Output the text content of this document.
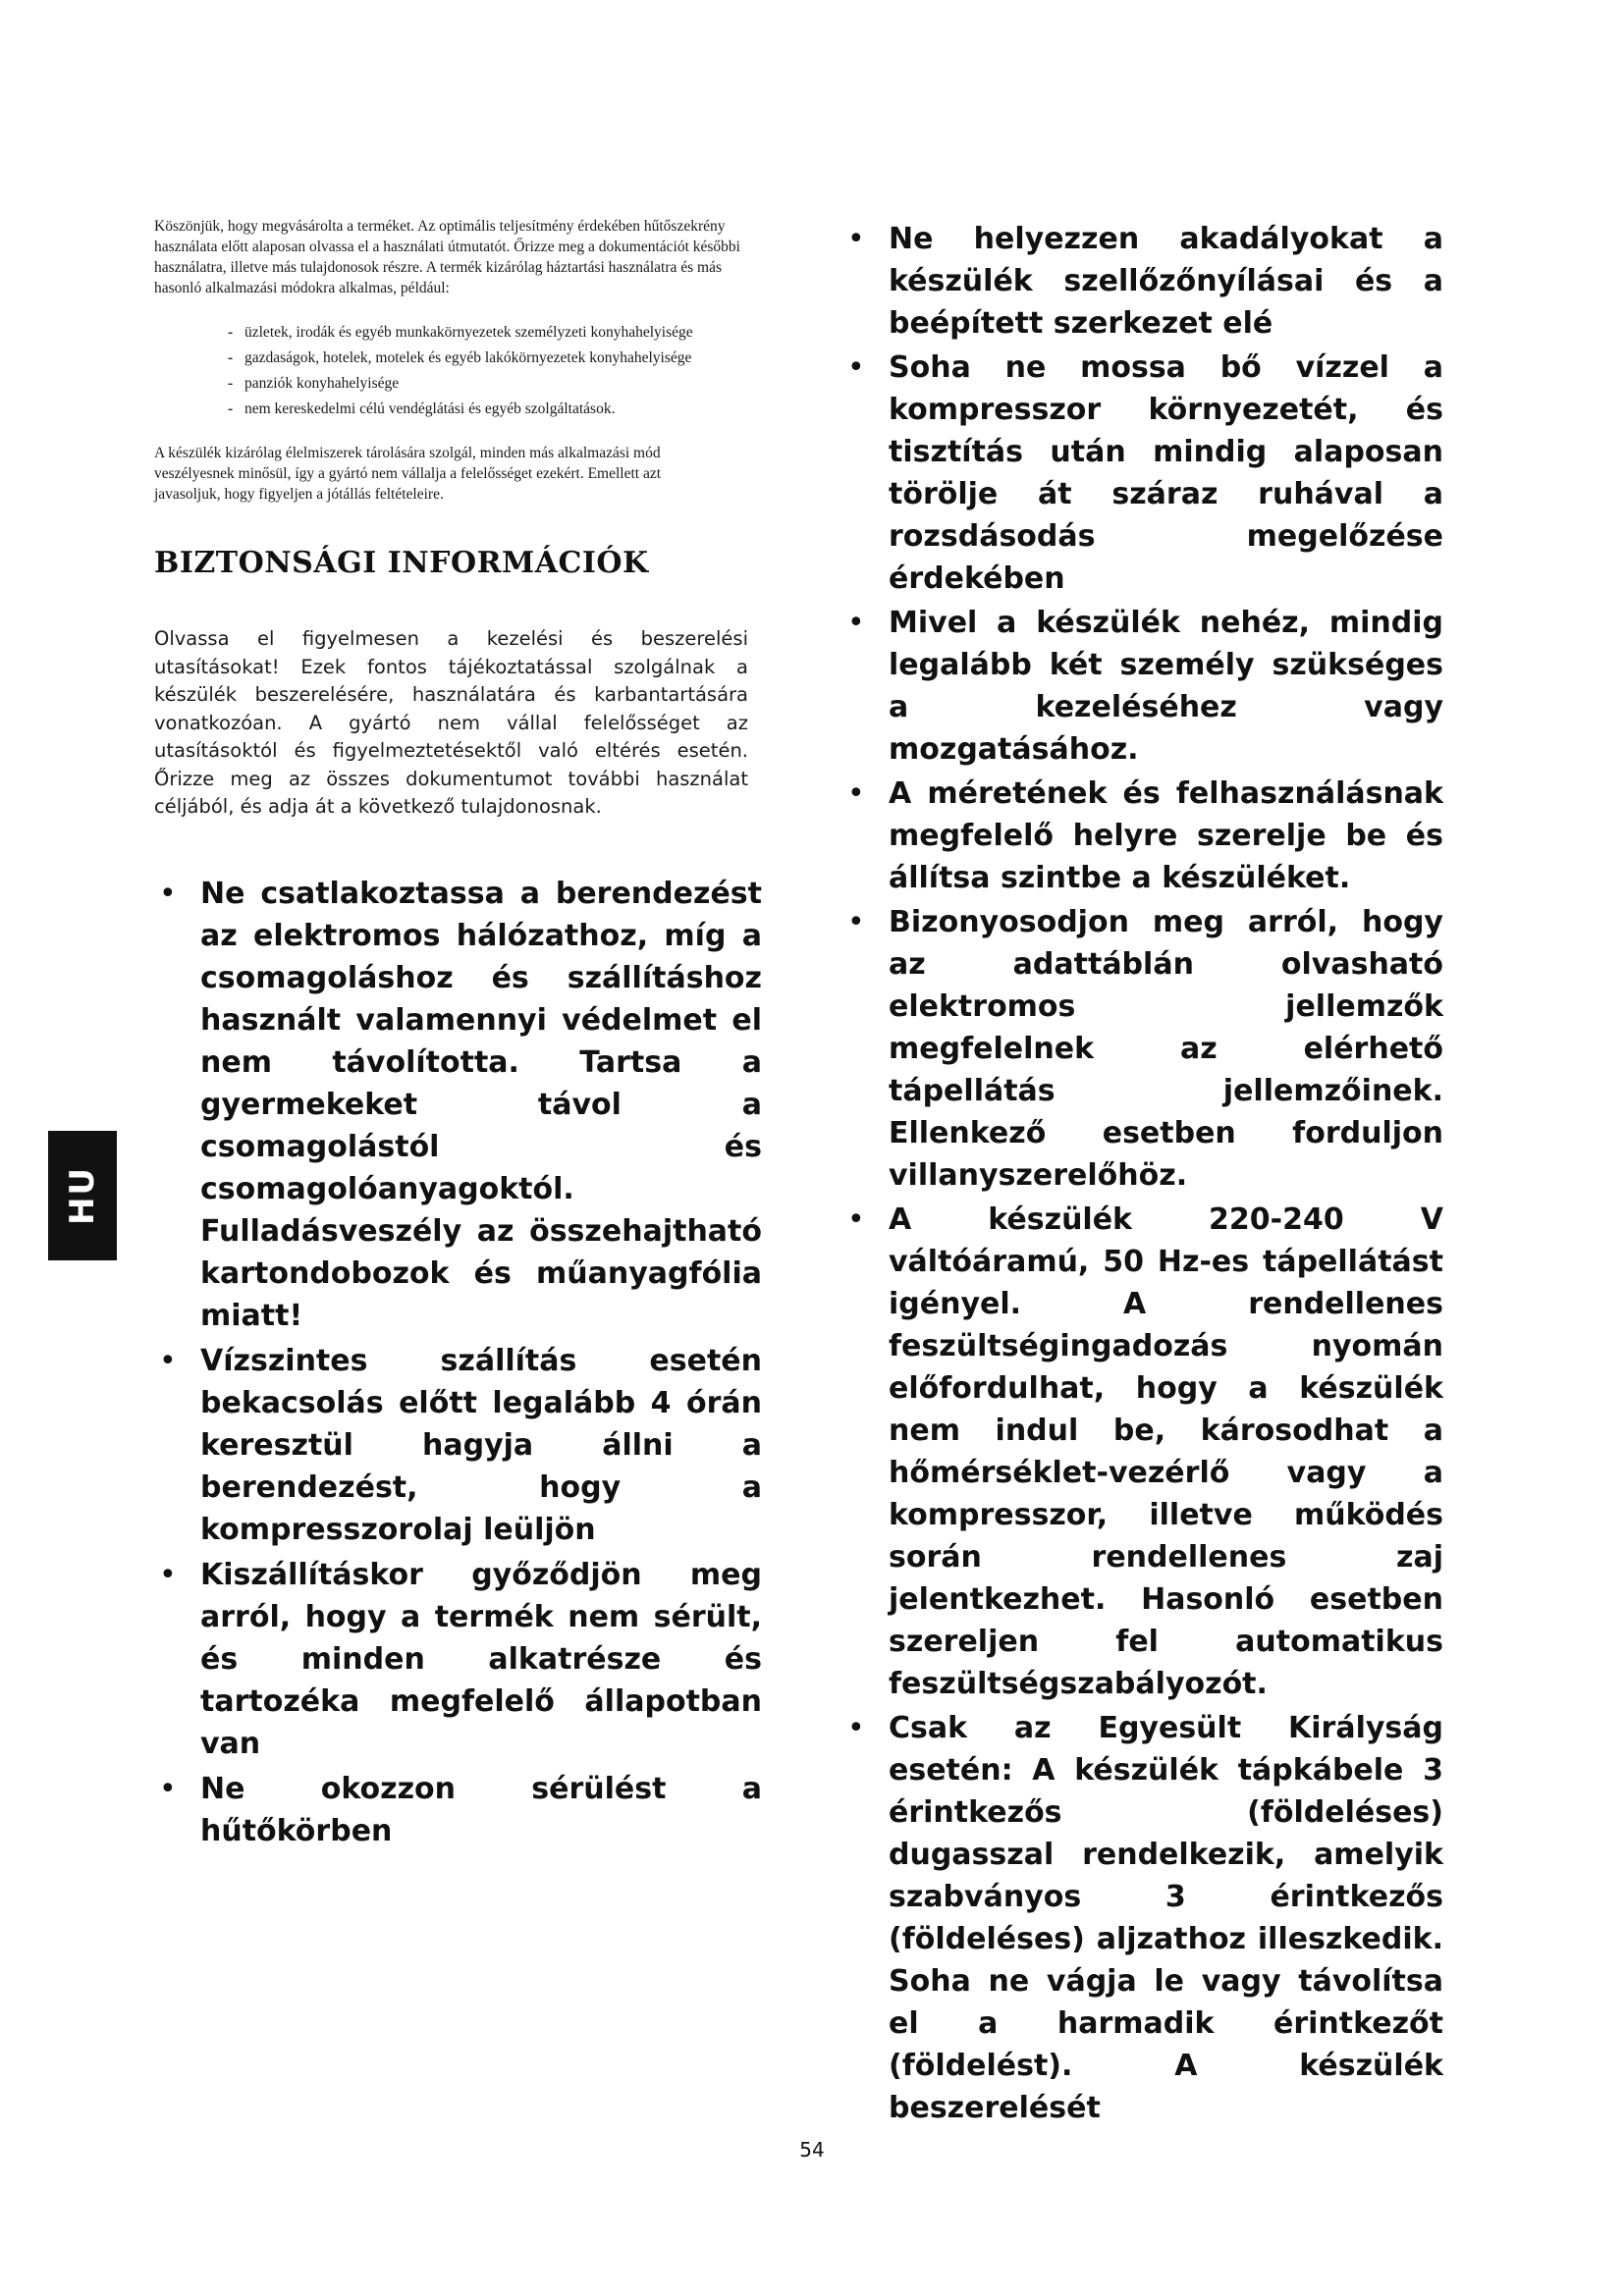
Köszönjük, hogy megvásárolta a terméket. Az optimális teljesítmény érdekében hűtőszekrény használata előtt alaposan olvassa el a használati útmutatót. Őrizze meg a dokumentációt későbbi használatra, illetve más tulajdonosok részre. A termék kizárólag háztartási használatra és más hasonló alkalmazási módokra alkalmas, például:

- üzletek, irodák és egyéb munkakörnyezetek személyzeti konyhahelyisége
- gazdaságok, hotelek, motelek és egyéb lakókörnyezetek konyhahelyisége
- panziók konyhahelyisége
- nem kereskedelmi célú vendéglátási és egyéb szolgáltatások.

A készülék kizárólag élelmiszerek tárolására szolgál, minden más alkalmazási mód veszélyesnek minősül, így a gyártó nem vállalja a felelősséget ezekért. Emellett azt javasoljuk, hogy figyeljen a jótállás feltételeire.

BIZTONSÁGI INFORMÁCIÓK

Olvassa el figyelmesen a kezelési és beszerelési utasításokat! Ezek fontos tájékoztatással szolgálnak a készülék beszerelésére, használatára és karbantartására vonatkozóan. A gyártó nem vállal felelősséget az utasításoktól és figyelmeztetésektől való eltérés esetén. Őrizze meg az összes dokumentumot további használat céljából, és adja át a következő tulajdonosnak.

• Ne csatlakoztassa a berendezést az elektromos hálózathoz, míg a csomagoláshoz és szállításhoz használt valamennyi védelmet el nem távolította. Tartsa a gyermekeket távol a csomagolástól és csomagolóanyagoktól. Fulladásveszély az összehajtható kartondobozok és műanyagfólia miatt!
• Vízszintes szállítás esetén bekacsolás előtt legalább 4 órán keresztül hagyja állni a berendezést, hogy a kompresszorolaj leüljön
• Kiszállításkor győződjön meg arról, hogy a termék nem sérült, és minden alkatrésze és tartozéka megfelelő állapotban van
• Ne okozzon sérülést a hűtőkörben
• Ne helyezzen akadályokat a készülék szellőzőnyílásai és a beépített szerkezet elé
• Soha ne mossa bő vízzel a kompresszor környezetét, és tisztítás után mindig alaposan törölje át száraz ruhával a rozsdásodás megelőzése érdekében
• Mivel a készülék nehéz, mindig legalább két személy szükséges a kezeléséhez vagy mozgatásához.
• A méretének és felhasználásnak megfelelő helyre szerelje be és állítsa szintbe a készüléket.
• Bizonyosodjon meg arról, hogy az adattáblán olvasható elektromos jellemzők megfelelnek az elérhető tápellátás jellemzőinek. Ellenkező esetben forduljon villanyszerelőhöz.
• A készülék 220-240 V váltóáramú, 50 Hz-es tápellátást igényel. A rendellenes feszültségingadozás nyomán előfordulhat, hogy a készülék nem indul be, károsodhat a hőmérséklet-vezérlő vagy a kompresszor, illetve működés során rendellenes zaj jelentkezhet. Hasonló esetben szereljen fel automatikus feszültségszabályozót.
• Csak az Egyesült Királyság esetén: A készülék tápkábele 3 érintkezős (földeléses) dugasszal rendelkezik, amelyik szabványos 3 érintkezős (földeléses) aljzathoz illeszkedik. Soha ne vágja le vagy távolítsa el a harmadik érintkezőt (földelést). A készülék beszerelését
HU
54
